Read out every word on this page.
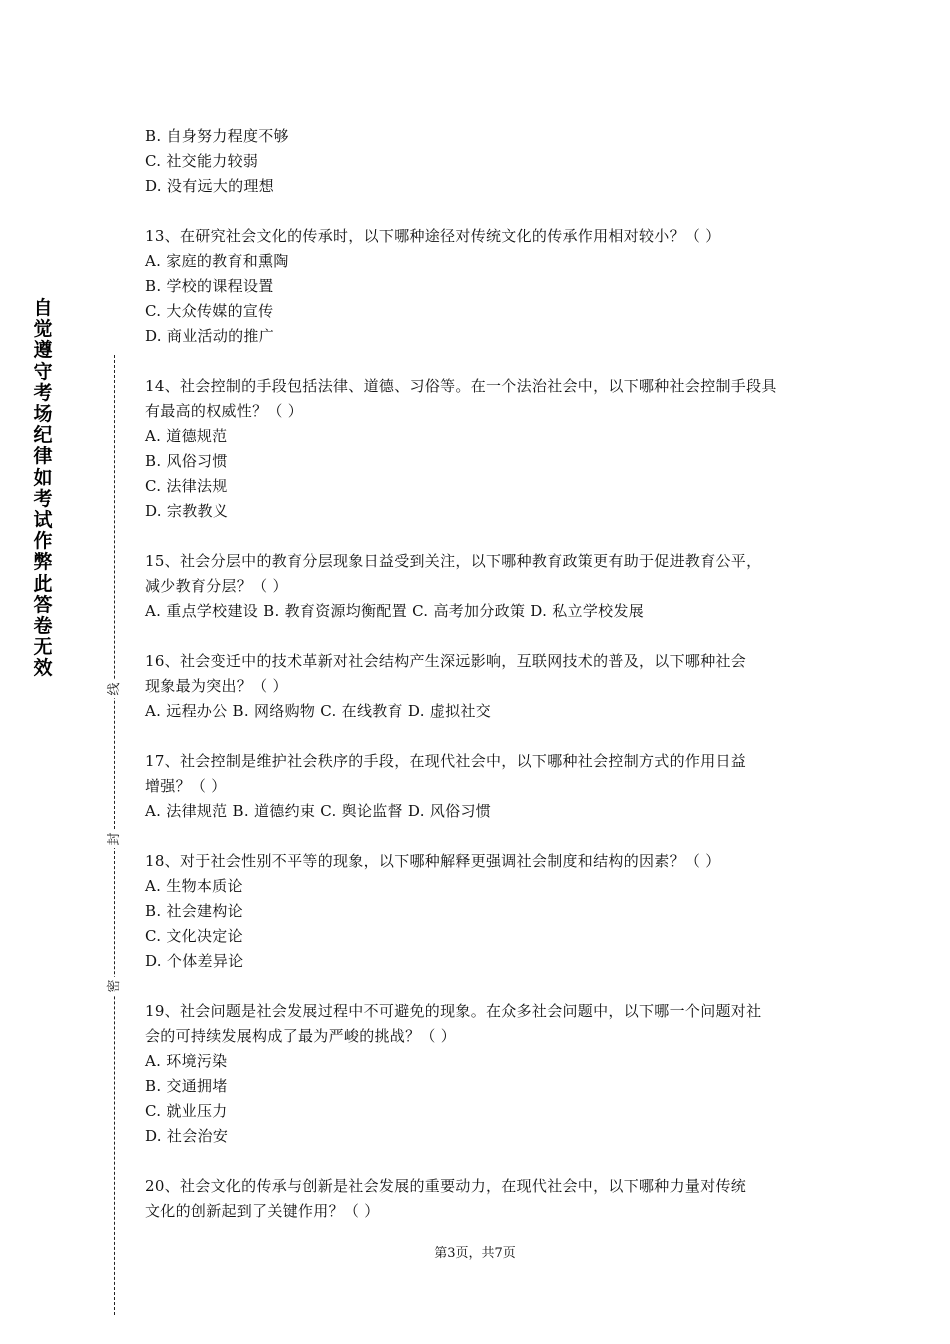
自觉遵守考场纪律如考试作弊此答卷无效
线
封
密
B. 自身努力程度不够
C. 社交能力较弱
D. 没有远大的理想
13、在研究社会文化的传承时，以下哪种途径对传统文化的传承作用相对较小？（ ）
A. 家庭的教育和熏陶
B. 学校的课程设置
C. 大众传媒的宣传
D. 商业活动的推广
14、社会控制的手段包括法律、道德、习俗等。在一个法治社会中，以下哪种社会控制手段具
有最高的权威性？（ ）
A. 道德规范
B. 风俗习惯
C. 法律法规
D. 宗教教义
15、社会分层中的教育分层现象日益受到关注，以下哪种教育政策更有助于促进教育公平，
减少教育分层？（ ）
A. 重点学校建设 B. 教育资源均衡配置 C. 高考加分政策 D. 私立学校发展
16、社会变迁中的技术革新对社会结构产生深远影响，互联网技术的普及，以下哪种社会
现象最为突出？（ ）
A. 远程办公 B. 网络购物 C. 在线教育 D. 虚拟社交
17、社会控制是维护社会秩序的手段，在现代社会中，以下哪种社会控制方式的作用日益
增强？（ ）
A. 法律规范 B. 道德约束 C. 舆论监督 D. 风俗习惯
18、对于社会性别不平等的现象，以下哪种解释更强调社会制度和结构的因素？（ ）
A. 生物本质论
B. 社会建构论
C. 文化决定论
D. 个体差异论
19、社会问题是社会发展过程中不可避免的现象。在众多社会问题中，以下哪一个问题对社
会的可持续发展构成了最为严峻的挑战？（ ）
A. 环境污染
B. 交通拥堵
C. 就业压力
D. 社会治安
20、社会文化的传承与创新是社会发展的重要动力，在现代社会中，以下哪种力量对传统
文化的创新起到了关键作用？（ ）
第3页，共7页
